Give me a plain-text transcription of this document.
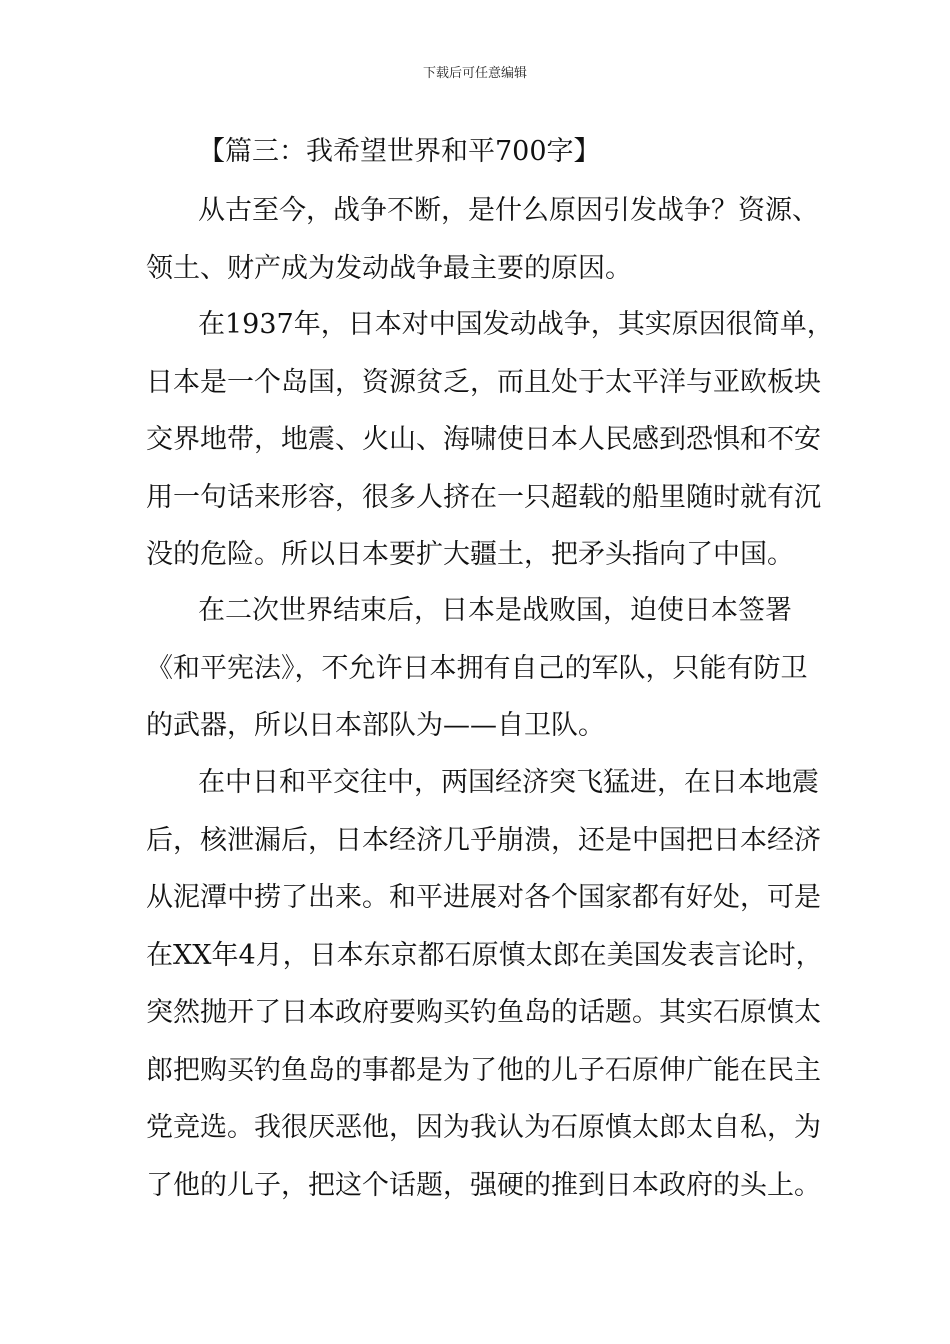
下载后可任意编辑
【篇三：我希望世界和平700字】
从古至今，战争不断，是什么原因引发战争？资源、
领土、财产成为发动战争最主要的原因。
在1937年，日本对中国发动战争，其实原因很简单，
日本是一个岛国，资源贫乏，而且处于太平洋与亚欧板块
交界地带，地震、火山、海啸使日本人民感到恐惧和不安
用一句话来形容，很多人挤在一只超载的船里随时就有沉
没的危险。所以日本要扩大疆土，把矛头指向了中国。
在二次世界结束后，日本是战败国，迫使日本签署
《和平宪法》，不允许日本拥有自己的军队，只能有防卫
的武器，所以日本部队为——自卫队。
在中日和平交往中，两国经济突飞猛进，在日本地震
后，核泄漏后，日本经济几乎崩溃，还是中国把日本经济
从泥潭中捞了出来。和平进展对各个国家都有好处，可是
在XX年4月，日本东京都石原慎太郎在美国发表言论时，
突然抛开了日本政府要购买钓鱼岛的话题。其实石原慎太
郎把购买钓鱼岛的事都是为了他的儿子石原伸广能在民主
党竞选。我很厌恶他，因为我认为石原慎太郎太自私，为
了他的儿子，把这个话题，强硬的推到日本政府的头上。
